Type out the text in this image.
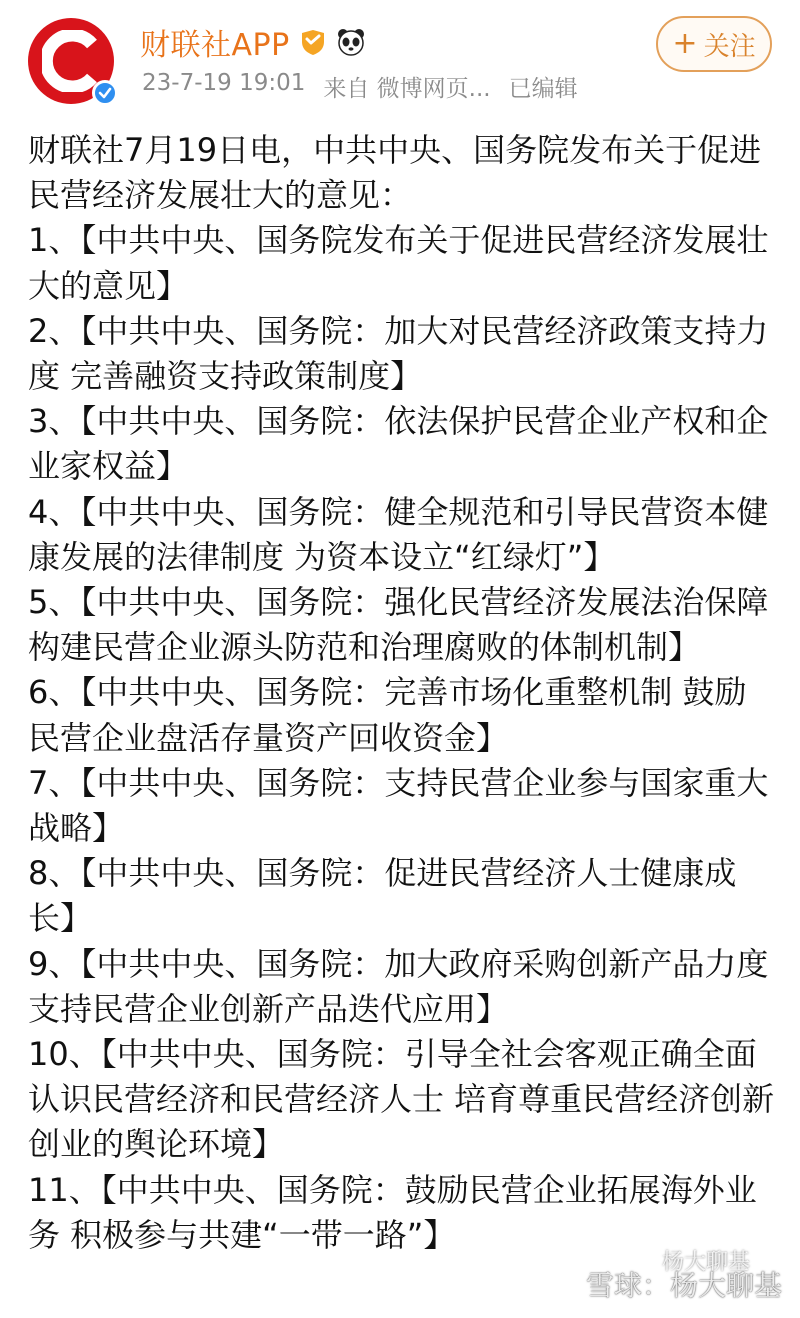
财联社APP
23-7-19 19:01 来自 微博网页... 已编辑
+ 关注

财联社7月19日电，中共中央、国务院发布关于促进民营经济发展壮大的意见：

1、【中共中央、国务院发布关于促进民营经济发展壮大的意见】

2、【中共中央、国务院：加大对民营经济政策支持力度 完善融资支持政策制度】

3、【中共中央、国务院：依法保护民营企业产权和企业家权益】

4、【中共中央、国务院：健全规范和引导民营资本健康发展的法律制度 为资本设立“红绿灯”】

5、【中共中央、国务院：强化民营经济发展法治保障 构建民营企业源头防范和治理腐败的体制机制】

6、【中共中央、国务院：完善市场化重整机制 鼓励民营企业盘活存量资产回收资金】

7、【中共中央、国务院：支持民营企业参与国家重大战略】

8、【中共中央、国务院：促进民营经济人士健康成长】

9、【中共中央、国务院：加大政府采购创新产品力度 支持民营企业创新产品迭代应用】

10、【中共中央、国务院：引导全社会客观正确全面认识民营经济和民营经济人士 培育尊重民营经济创新创业的舆论环境】

11、【中共中央、国务院：鼓励民营企业拓展海外业务 积极参与共建“一带一路”】

杨大聊基
雪球：杨大聊基
